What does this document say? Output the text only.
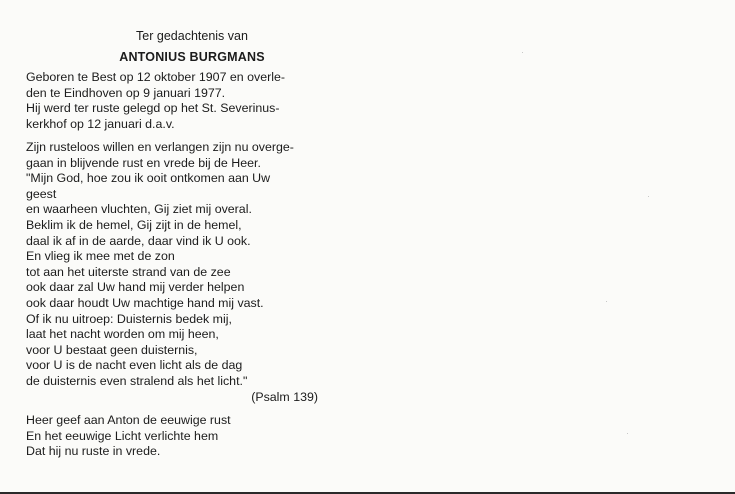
Ter gedachtenis van
ANTONIUS BURGMANS
Geboren te Best op 12 oktober 1907 en overle-
den te Eindhoven op 9 januari 1977.
Hij werd ter ruste gelegd op het St. Severinus-
kerkhof op 12 januari d.a.v.
Zijn rusteloos willen en verlangen zijn nu overge-
gaan in blijvende rust en vrede bij de Heer.
"Mijn God, hoe zou ik ooit ontkomen aan Uw
geest
en waarheen vluchten, Gij ziet mij overal.
Beklim ik de hemel, Gij zijt in de hemel,
daal ik af in de aarde, daar vind ik U ook.
En vlieg ik mee met de zon
tot aan het uiterste strand van de zee
ook daar zal Uw hand mij verder helpen
ook daar houdt Uw machtige hand mij vast.
Of ik nu uitroep: Duisternis bedek mij,
laat het nacht worden om mij heen,
voor U bestaat geen duisternis,
voor U is de nacht even licht als de dag
de duisternis even stralend als het licht."
(Psalm 139)
Heer geef aan Anton de eeuwige rust
En het eeuwige Licht verlichte hem
Dat hij nu ruste in vrede.
